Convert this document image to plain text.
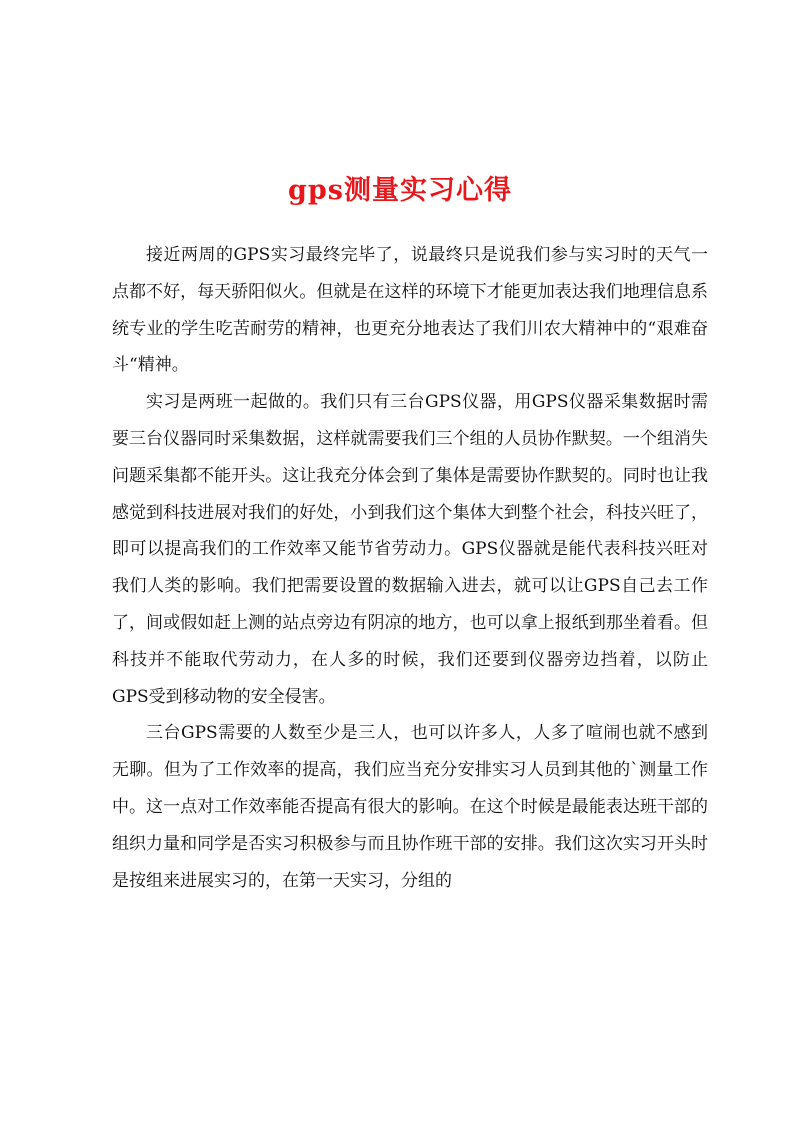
gps测量实习心得

接近两周的GPS实习最终完毕了，说最终只是说我们参与实习时的天气一点都不好，每天骄阳似火。但就是在这样的环境下才能更加表达我们地理信息系统专业的学生吃苦耐劳的精神，也更充分地表达了我们川农大精神中的“艰难奋斗“精神。

实习是两班一起做的。我们只有三台GPS仪器，用GPS仪器采集数据时需要三台仪器同时采集数据，这样就需要我们三个组的人员协作默契。一个组消失问题采集都不能开头。这让我充分体会到了集体是需要协作默契的。同时也让我感觉到科技进展对我们的好处，小到我们这个集体大到整个社会，科技兴旺了，即可以提高我们的工作效率又能节省劳动力。GPS仪器就是能代表科技兴旺对我们人类的影响。我们把需要设置的数据输入进去，就可以让GPS自己去工作了，间或假如赶上测的站点旁边有阴凉的地方，也可以拿上报纸到那坐着看。但科技并不能取代劳动力，在人多的时候，我们还要到仪器旁边挡着，以防止GPS受到移动物的安全侵害。

三台GPS需要的人数至少是三人，也可以许多人，人多了喧闹也就不感到无聊。但为了工作效率的提高，我们应当充分安排实习人员到其他的`测量工作中。这一点对工作效率能否提高有很大的影响。在这个时候是最能表达班干部的组织力量和同学是否实习积极参与而且协作班干部的安排。我们这次实习开头时是按组来进展实习的，在第一天实习，分组的
